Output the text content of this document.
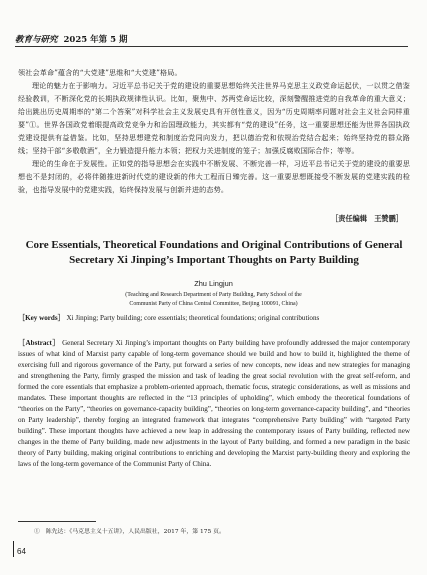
教育与研究 2025 年第 5 期

领社会革命”蕴含的“大党建”思维和“大党建”格局。

理论的魅力在于影响力。习近平总书记关于党的建设的重要思想始终关注世界马克思主义政党命运起伏，一以贯之借鉴经验教训，不断深化党的长期执政规律性认识。比如，聚焦中、苏两党命运比较，深刻警醒推进党的自我革命的重大意义；给出跳出历史周期率的“第二个答案”对科学社会主义发展史具有开创性意义，因为“历史周期率问题对社会主义社会同样重要”①。世界各国政党着眼提高政党竞争力和治国理政能力，其实都有“党的建设”任务，这一重要思想还能为世界各国执政党建设提供有益借鉴。比如，坚持思想建党和制度治党同向发力，把以德治党和依规治党结合起来；始终坚持党的群众路线；坚持干部“多敬敬酒”，全力锻造提升能力本领；把权力关进制度的笼子；加强反腐败国际合作；等等。

理论的生命在于发展性。正如党的指导思想会在实践中不断发展、不断完善一样，习近平总书记关于党的建设的重要思想也不是封闭的，必将伴随推进新时代党的建设新的伟大工程而日臻完善。这一重要思想既接受不断发展的党建实践的检验，也指导发展中的党建实践，始终保持发展与创新并进的态势。

［责任编辑　王赞鹏］
Core Essentials, Theoretical Foundations and Original Contributions of General Secretary Xi Jinping’s Important Thoughts on Party Building
Zhu Lingjun
(Teaching and Research Department of Party Building, Party School of the
Communist Party of China Central Committee, Beijing 100091, China)
［Key words］ Xi Jinping; Party building; core essentials; theoretical foundations; original contributions
［Abstract］ General Secretary Xi Jinping’s important thoughts on Party building have profoundly addressed the major contemporary issues of what kind of Marxist party capable of long-term governance should we build and how to build it, highlighted the theme of exercising full and rigorous governance of the Party, put forward a series of new concepts, new ideas and new strategies for managing and strengthening the Party, firmly grasped the mission and task of leading the great social revolution with the great self-reform, and formed the core essentials that emphasize a problem-oriented approach, thematic focus, strategic considerations, as well as missions and mandates. These important thoughts are reflected in the “13 principles of upholding”, which embody the theoretical foundations of “theories on the Party”, “theories on governance-capacity building”, “theories on long-term governance-capacity building”, and “theories on Party leadership”, thereby forging an integrated framework that integrates “comprehensive Party building” with “targeted Party building”. These important thoughts have achieved a new leap in addressing the contemporary issues of Party building, reflected new changes in the theme of Party building, made new adjustments in the layout of Party building, and formed a new paradigm in the basic theory of Party building, making original contributions to enriching and developing the Marxist party-building theory and exploring the laws of the long-term governance of the Communist Party of China.
①　陈先达：《马克思主义十五讲》，人民出版社，2017 年，第 175 页。
64
